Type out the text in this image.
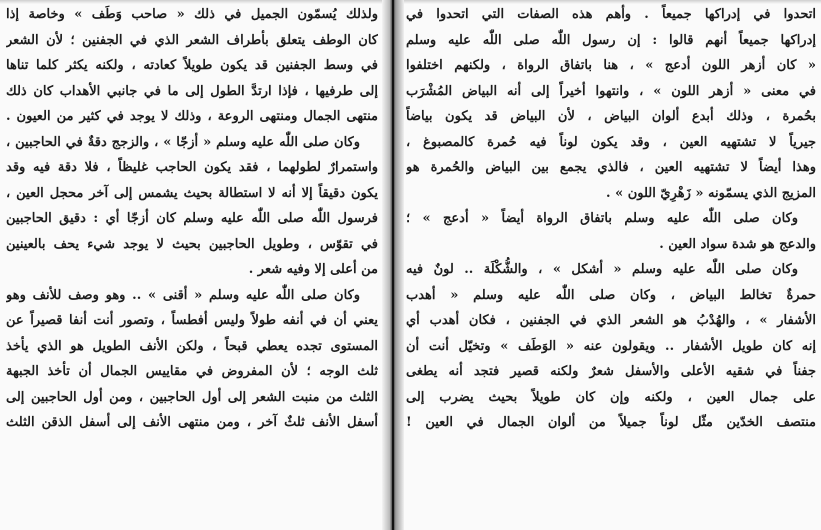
ولذلك يُسمّون الجميل في ذلك « صاحب وَطَف » وخاصة إذا
كان الوطف يتعلق بأطراف الشعر الذي في الجفنين ؛ لأن الشعر
في وسط الجفنين قد يكون طويلاً كعادته ، ولكنه يكثر كلما تناها
إلى طرفيها ، فإذا ارتدَّ الطول إلى ما في جانبي الأهداب كان ذلك
منتهى الجمال ومنتهى الروعة ، وذلك لا يوجد في كثير من العيون .
وكان صلى اللّٰه عليه وسلم « أزجّا » ، والزجج دقةٌ في الحاجبين ،
واستمرارٌ لطولهما ، فقد يكون الحاجب غليظاً ، فلا دقة فيه وقد
يكون دقيقاً إلا أنه لا استطالة بحيث يشمس إلى آخر محجل العين ،
فرسول اللّٰه صلى اللّٰه عليه وسلم كان أزجّا أي : دقيق الحاجبين
في تقوّس ، وطويل الحاجبين بحيث لا يوجد شيء يحف بالعينين
من أعلى إلا وفيه شعر .
وكان صلى اللّٰه عليه وسلم « أقنى » .. وهو وصف للأنف وهو
يعني أن في أنفه طولاً وليس أفطساً ، وتصور أنت أنفا قصيراً عن
المستوى تجده يعطي قبحاً ، ولكن الأنف الطويل هو الذي يأخذ
ثلث الوجه ؛ لأن المفروض في مقاييس الجمال أن تأخذ الجبهة
الثلث من منبت الشعر إلى أول الحاجبين ، ومن أول الحاجبين إلى
أسفل الأنف ثلثٌ آخر ، ومن منتهى الأنف إلى أسفل الذقن الثلث
اتحدوا في إدراكها جميعاً . وأهم هذه الصفات التي اتحدوا في
إدراكها جميعاً أنهم قالوا : إن رسول اللّٰه صلى اللّٰه عليه وسلم
« كان أزهر اللون أدعج » ، هنا باتفاق الرواة ، ولكنهم اختلفوا
في معنى « أزهر اللون » ، وانتهوا أخيراً إلى أنه البياض المُشْرَب
بحُمرة ، وذلك أبدع ألوان البياض ، لأن البياض قد يكون بياضاً
جيرياً لا تشتهيه العين ، وقد يكون لوناً فيه حُمرة كالمصبوغ ،
وهذا أيضاً لا تشتهيه العين ، فالذي يجمع بين البياض والحُمرة هو
المزيج الذي يسمّونه « زَهْرِيّ اللون » .
وكان صلى اللّٰه عليه وسلم باتفاق الرواة أيضاً « أدعج » ؛
والدعج هو شدة سواد العين .
وكان صلى اللّٰه عليه وسلم « أشكل » ، والشُّكْلَة .. لونٌ فيه
حمرةٌ تخالط البياض ، وكان صلى اللّٰه عليه وسلم « أهدب
الأشفار » ، والهُدْبُ هو الشعر الذي في الجفنين ، فكان أهدب أي
إنه كان طويل الأشفار .. ويقولون عنه « الوَطَف » وتخيّل أنت أن
جفناً في شقيه الأعلى والأسفل شعرٌ ولكنه قصير فتجد أنه يطغى
على جمال العين ، ولكنه وإن كان طويلاً بحيث يضرب إلى
منتصف الخدّين مثّل لوناً جميلاً من ألوان الجمال في العين !
